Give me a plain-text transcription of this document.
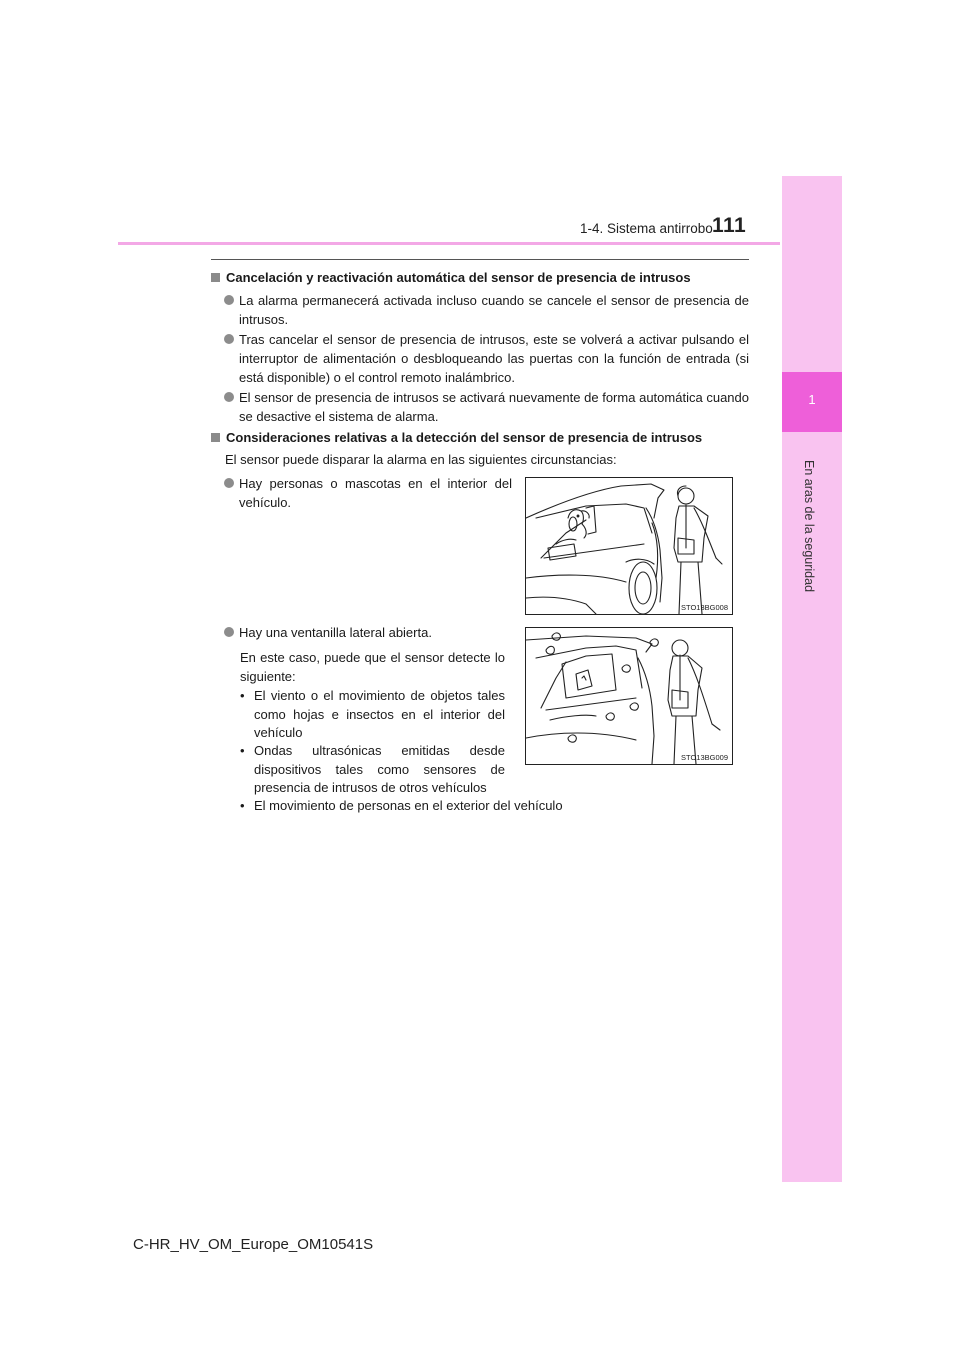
1-4. Sistema antirrobo 111
1
En aras de la seguridad
Cancelación y reactivación automática del sensor de presencia de intrusos
La alarma permanecerá activada incluso cuando se cancele el sensor de presencia de intrusos.
Tras cancelar el sensor de presencia de intrusos, este se volverá a activar pulsando el interruptor de alimentación o desbloqueando las puertas con la función de entrada (si está disponible) o el control remoto inalámbrico.
El sensor de presencia de intrusos se activará nuevamente de forma automática cuando se desactive el sistema de alarma.
Consideraciones relativas a la detección del sensor de presencia de intrusos
El sensor puede disparar la alarma en las siguientes circunstancias:
Hay personas o mascotas en el interior del vehículo.
Hay una ventanilla lateral abierta.
En este caso, puede que el sensor detecte lo siguiente:
• El viento o el movimiento de objetos tales como hojas e insectos en el interior del vehículo
• Ondas ultrasónicas emitidas desde dispositivos tales como sensores de presencia de intrusos de otros vehículos
• El movimiento de personas en el exterior del vehículo
STO13BG008
STO13BG009
C-HR_HV_OM_Europe_OM10541S
